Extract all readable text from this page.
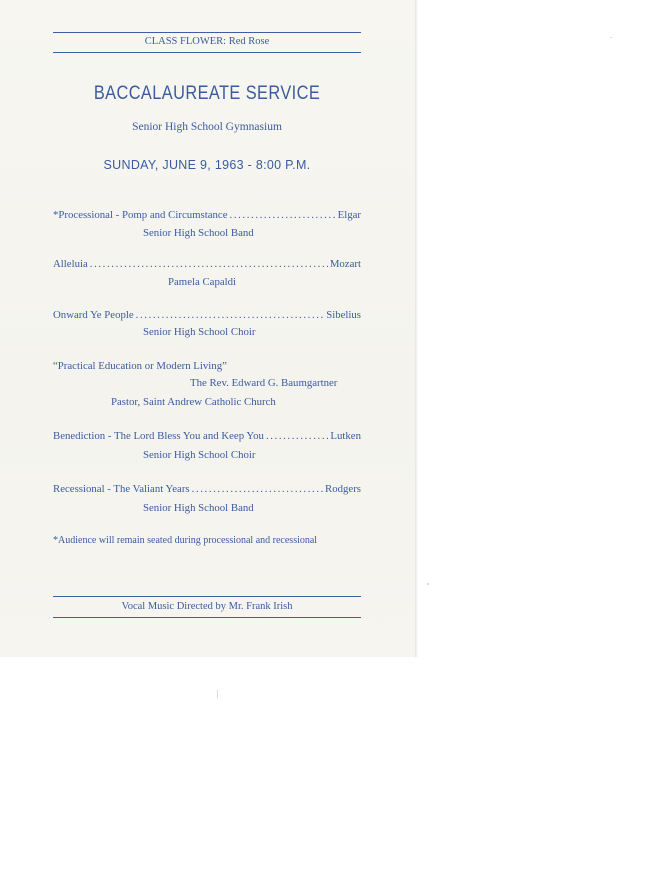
CLASS FLOWER: Red Rose
BACCALAUREATE SERVICE
Senior High School Gymnasium
SUNDAY, JUNE 9, 1963 - 8:00 P.M.
*Processional - Pomp and Circumstance .....	Elgar
Senior High School Band
Alleluia .....	Mozart
Pamela Capaldi
Onward Ye People .....	Sibelius
Senior High School Choir
“Practical Education or Modern Living”
The Rev. Edward G. Baumgartner
Pastor, Saint Andrew Catholic Church
Benediction - The Lord Bless You and Keep You .....	Lutken
Senior High School Choir
Recessional - The Valiant Years .....	Rodgers
Senior High School Band
*Audience will remain seated during processional and recessional
Vocal Music Directed by Mr. Frank Irish
